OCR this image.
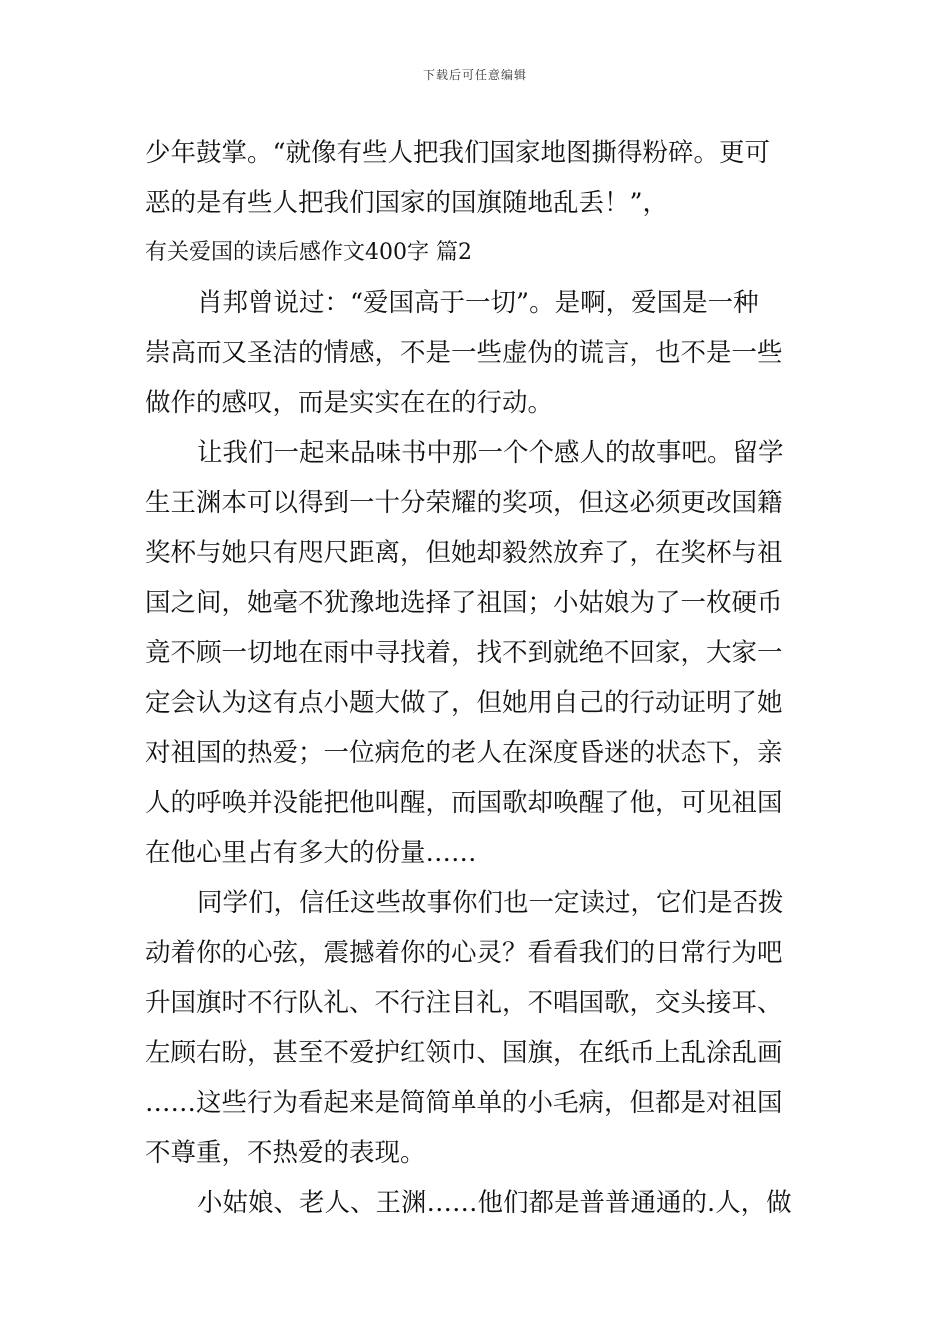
下载后可任意编辑
少年鼓掌。“就像有些人把我们国家地图撕得粉碎。更可
恶的是有些人把我们国家的国旗随地乱丢！”，
有关爱国的读后感作文400字 篇2
肖邦曾说过：“爱国高于一切”。是啊，爱国是一种
崇高而又圣洁的情感，不是一些虚伪的谎言，也不是一些
做作的感叹，而是实实在在的行动。
让我们一起来品味书中那一个个感人的故事吧。留学
生王渊本可以得到一十分荣耀的奖项，但这必须更改国籍
奖杯与她只有咫尺距离，但她却毅然放弃了，在奖杯与祖
国之间，她毫不犹豫地选择了祖国；小姑娘为了一枚硬币
竟不顾一切地在雨中寻找着，找不到就绝不回家，大家一
定会认为这有点小题大做了，但她用自己的行动证明了她
对祖国的热爱；一位病危的老人在深度昏迷的状态下，亲
人的呼唤并没能把他叫醒，而国歌却唤醒了他，可见祖国
在他心里占有多大的份量……
同学们，信任这些故事你们也一定读过，它们是否拨
动着你的心弦，震撼着你的心灵？看看我们的日常行为吧
升国旗时不行队礼、不行注目礼，不唱国歌，交头接耳、
左顾右盼，甚至不爱护红领巾、国旗，在纸币上乱涂乱画
……这些行为看起来是简简单单的小毛病，但都是对祖国
不尊重，不热爱的表现。
小姑娘、老人、王渊……他们都是普普通通的.人，做
